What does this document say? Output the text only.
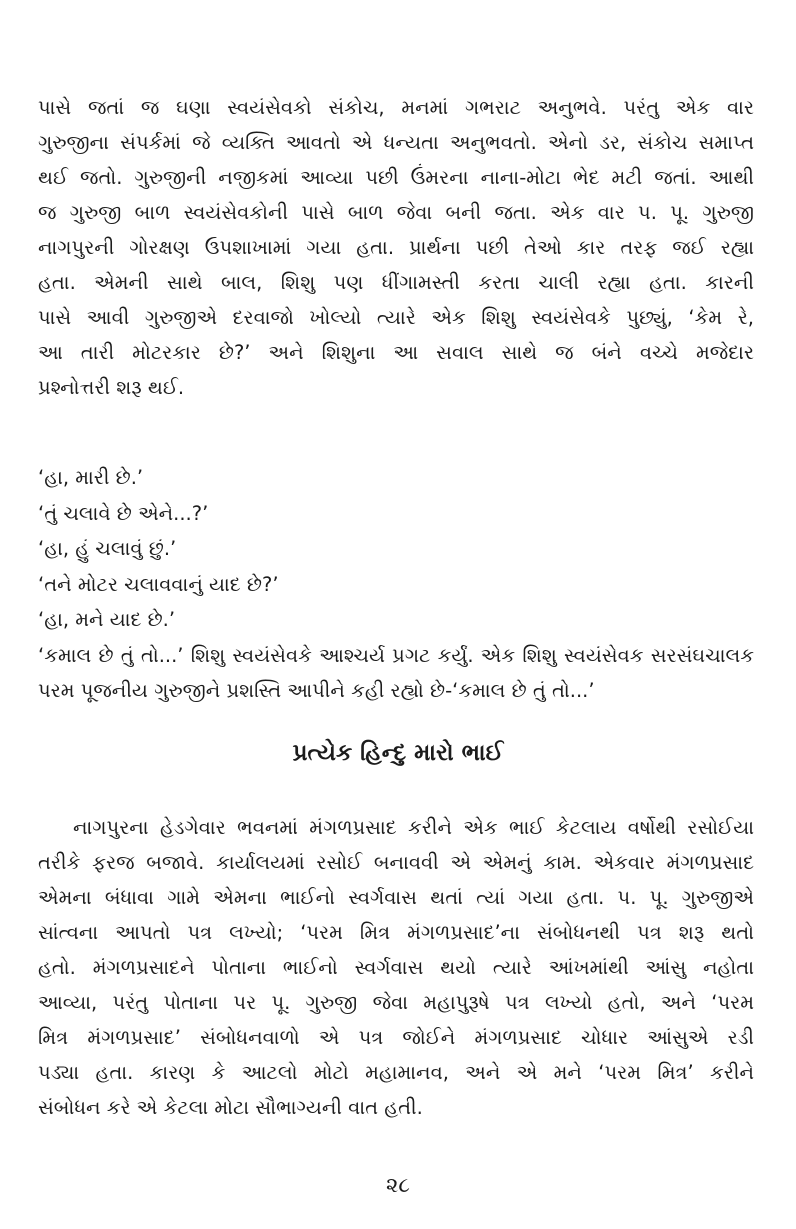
પાસે જતાં જ ઘણા સ્વયંસેવકો સંકોચ, મનમાં ગભરાટ અનુભવે. પરંતુ એક વાર
ગુરુજીના સંપર્કમાં જે વ્યક્તિ આવતો એ ધન્યતા અનુભવતો. એનો ડર, સંકોચ સમાપ્ત
થઈ જતો. ગુરુજીની નજીકમાં આવ્યા પછી ઉંમરના નાના-મોટા ભેદ મટી જતાં. આથી
જ ગુરુજી બાળ સ્વયંસેવકોની પાસે બાળ જેવા બની જતા. એક વાર પ. પૂ. ગુરુજી
નાગપુરની ગોરક્ષણ ઉપશાખામાં ગયા હતા. પ્રાર્થના પછી તેઓ કાર તરફ જઈ રહ્યા
હતા. એમની સાથે બાલ, શિશુ પણ ધીંગામસ્તી કરતા ચાલી રહ્યા હતા. કારની
પાસે આવી ગુરુજીએ દરવાજો ખોલ્યો ત્યારે એક શિશુ સ્વયંસેવકે પુછ્યું, ‘કેમ રે,
આ તારી મોટરકાર છે?’ અને શિશુના આ સવાલ સાથે જ બંને વચ્ચે મજેદાર
પ્રશ્નોત્તરી શરૂ થઈ.
‘હા, મારી છે.’
‘તું ચલાવે છે એને...?’
‘હા, હું ચલાવું છું.’
‘તને મોટર ચલાવવાનું યાદ છે?’
‘હા, મને યાદ છે.’
‘કમાલ છે તું તો...’ શિશુ સ્વયંસેવકે આશ્ચર્ય પ્રગટ કર્યું. એક શિશુ સ્વયંસેવક સરસંઘચાલક
પરમ પૂજનીય ગુરુજીને પ્રશસ્તિ આપીને કહી રહ્યો છે-‘કમાલ છે તું તો...’
પ્રત્યેક હિન્દુ મારો ભાઈ
નાગપુરના હેડગેવાર ભવનમાં મંગળપ્રસાદ કરીને એક ભાઈ કેટલાય વર્ષોથી રસોઈયા
તરીકે ફરજ બજાવે. કાર્યાલયમાં રસોઈ બનાવવી એ એમનું કામ. એકવાર મંગળપ્રસાદ
એમના બંધાવા ગામે એમના ભાઈનો સ્વર્ગવાસ થતાં ત્યાં ગયા હતા. પ. પૂ. ગુરુજીએ
સાંત્વના આપતો પત્ર લખ્યો; ‘પરમ મિત્ર મંગળપ્રસાદ’ના સંબોધનથી પત્ર શરૂ થતો
હતો. મંગળપ્રસાદને પોતાના ભાઈનો સ્વર્ગવાસ થયો ત્યારે આંખમાંથી આંસુ નહોતા
આવ્યા, પરંતુ પોતાના પર પૂ. ગુરુજી જેવા મહાપુરૂષે પત્ર લખ્યો હતો, અને ‘પરમ
મિત્ર મંગળપ્રસાદ’ સંબોધનવાળો એ પત્ર જોઈને મંગળપ્રસાદ ચોધાર આંસુએ રડી
પડ્યા હતા. કારણ કે આટલો મોટો મહામાનવ, અને એ મને ‘પરમ મિત્ર’ કરીને
સંબોધન કરે એ કેટલા મોટા સૌભાગ્યની વાત હતી.
૨૮
